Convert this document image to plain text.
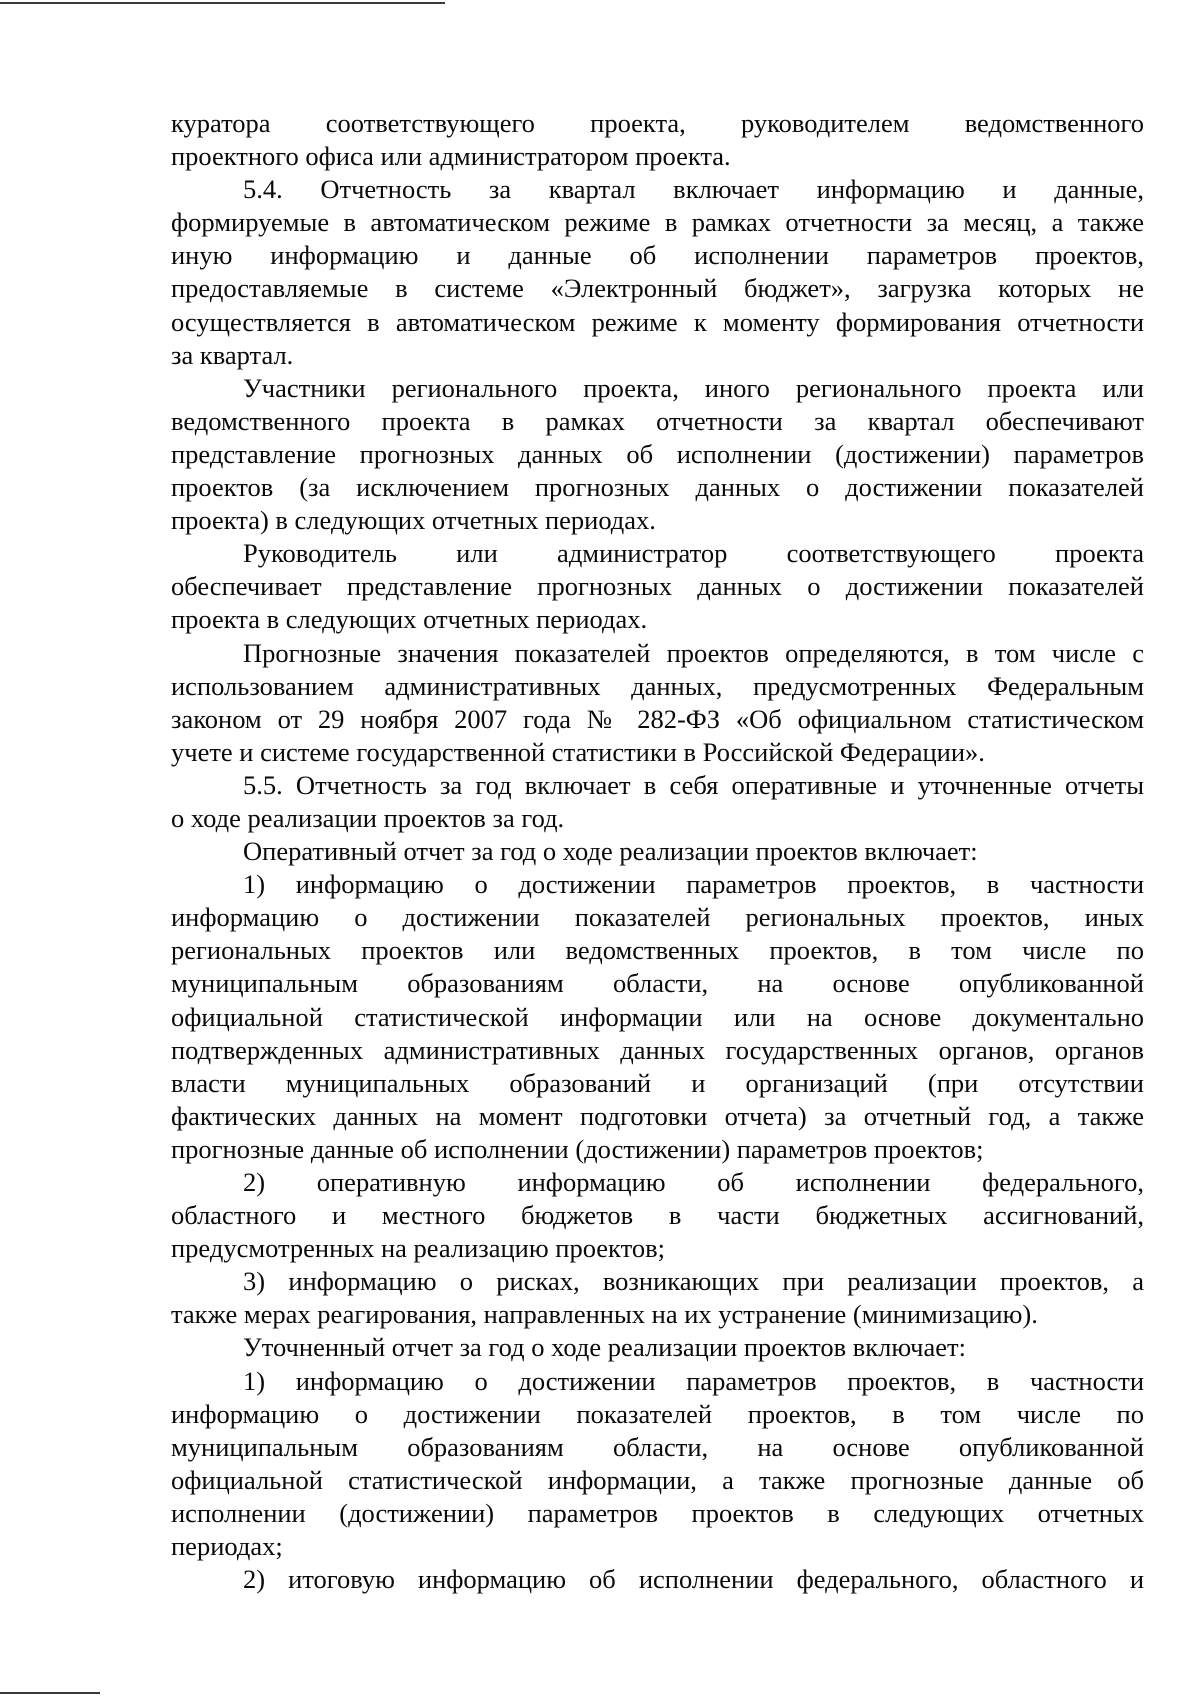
куратора соответствующего проекта, руководителем ведомственного
проектного офиса или администратором проекта.
5.4. Отчетность за квартал включает информацию и данные,
формируемые в автоматическом режиме в рамках отчетности за месяц, а также
иную информацию и данные об исполнении параметров проектов,
предоставляемые в системе «Электронный бюджет», загрузка которых не
осуществляется в автоматическом режиме к моменту формирования отчетности
за квартал.
Участники регионального проекта, иного регионального проекта или
ведомственного проекта в рамках отчетности за квартал обеспечивают
представление прогнозных данных об исполнении (достижении) параметров
проектов (за исключением прогнозных данных о достижении показателей
проекта) в следующих отчетных периодах.
Руководитель или администратор соответствующего проекта
обеспечивает представление прогнозных данных о достижении показателей
проекта в следующих отчетных периодах.
Прогнозные значения показателей проектов определяются, в том числе с
использованием административных данных, предусмотренных Федеральным
законом от 29 ноября 2007 года № 282-ФЗ «Об официальном статистическом
учете и системе государственной статистики в Российской Федерации».
5.5. Отчетность за год включает в себя оперативные и уточненные отчеты
о ходе реализации проектов за год.
Оперативный отчет за год о ходе реализации проектов включает:
1) информацию о достижении параметров проектов, в частности
информацию о достижении показателей региональных проектов, иных
региональных проектов или ведомственных проектов, в том числе по
муниципальным образованиям области, на основе опубликованной
официальной статистической информации или на основе документально
подтвержденных административных данных государственных органов, органов
власти муниципальных образований и организаций (при отсутствии
фактических данных на момент подготовки отчета) за отчетный год, а также
прогнозные данные об исполнении (достижении) параметров проектов;
2) оперативную информацию об исполнении федерального,
областного и местного бюджетов в части бюджетных ассигнований,
предусмотренных на реализацию проектов;
3) информацию о рисках, возникающих при реализации проектов, а
также мерах реагирования, направленных на их устранение (минимизацию).
Уточненный отчет за год о ходе реализации проектов включает:
1) информацию о достижении параметров проектов, в частности
информацию о достижении показателей проектов, в том числе по
муниципальным образованиям области, на основе опубликованной
официальной статистической информации, а также прогнозные данные об
исполнении (достижении) параметров проектов в следующих отчетных
периодах;
2) итоговую информацию об исполнении федерального, областного и
